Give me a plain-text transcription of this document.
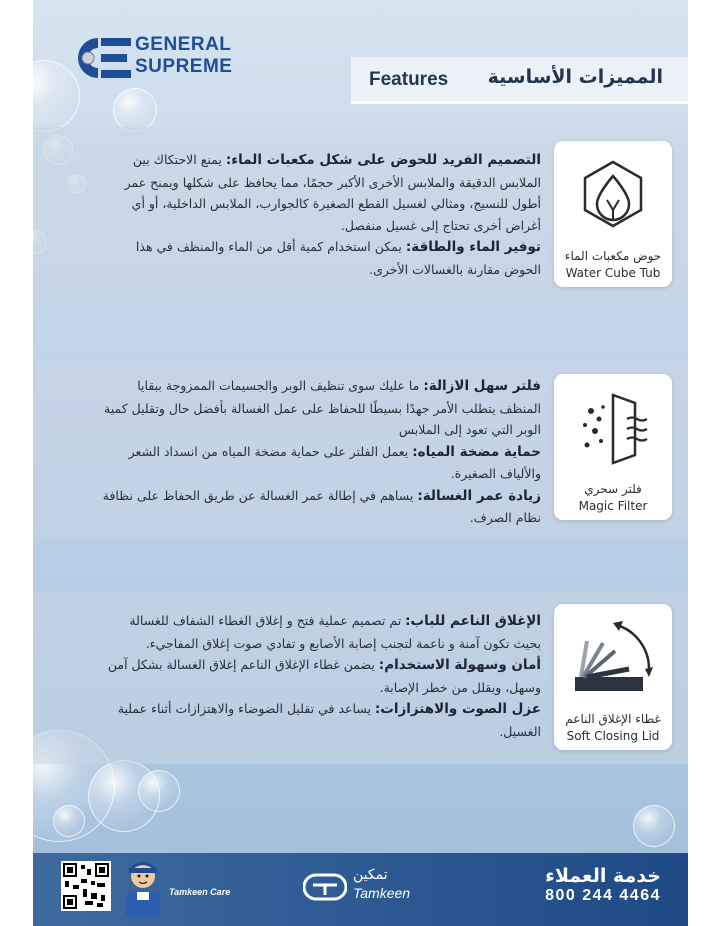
GENERAL
SUPREME
Features المميزات الأساسية

التصميم الفريد للحوض على شكل مكعبات الماء: يمنع الاحتكاك بين الملابس الدقيقة والملابس الأخرى الأكبر حجمًا، مما يحافظ على شكلها ويمنح عمر أطول للنسيج، ومثالي لغسيل القطع الصغيرة كالجوارب، الملابس الداخلية، أو أي أغراض أخرى تحتاج إلى غسيل منفصل.

توفير الماء والطاقة: يمكن استخدام كمية أقل من الماء والمنظف في هذا الحوض مقارنة بالغسالات الأخرى.

حوض مكعبات الماء
Water Cube Tub

فلتر سهل الازالة: ما عليك سوى تنظيف الوبر والجسيمات الممزوجة ببقايا المنظف يتطلب الأمر جهدًا بسيطًا للحفاظ على عمل الغسالة بأفضل حال وتقليل كمية الوبر التي تعود إلى الملابس

حماية مضخة المياه: يعمل الفلتر على حماية مضخة المياه من انسداد الشعر والألياف الصغيرة.

زيادة عمر الغسالة: يساهم في إطالة عمر الغسالة عن طريق الحفاظ على نظافة نظام الصرف.

فلتر سحري
Magic Filter

الإغلاق الناعم للباب: تم تصميم عملية فتح و إغلاق الغطاء الشفاف للغسالة بحيث تكون آمنة و ناعمة لتجنب إصابة الأصابع و تفادي صوت إغلاق المفاجيء.

أمان وسهولة الاستخدام: يضمن غطاء الإغلاق الناعم إغلاق الغسالة بشكل آمن وسهل، ويقلل من خطر الإصابة.

عزل الصوت والاهتزازات: يساعد في تقليل الضوضاء والاهتزازات أثناء عملية الغسيل.

غطاء الإغلاق الناعم
Soft Closing Lid
Tamkeen Care
تمكين
Tamkeen
خدمة العملاء
800 244 4464
